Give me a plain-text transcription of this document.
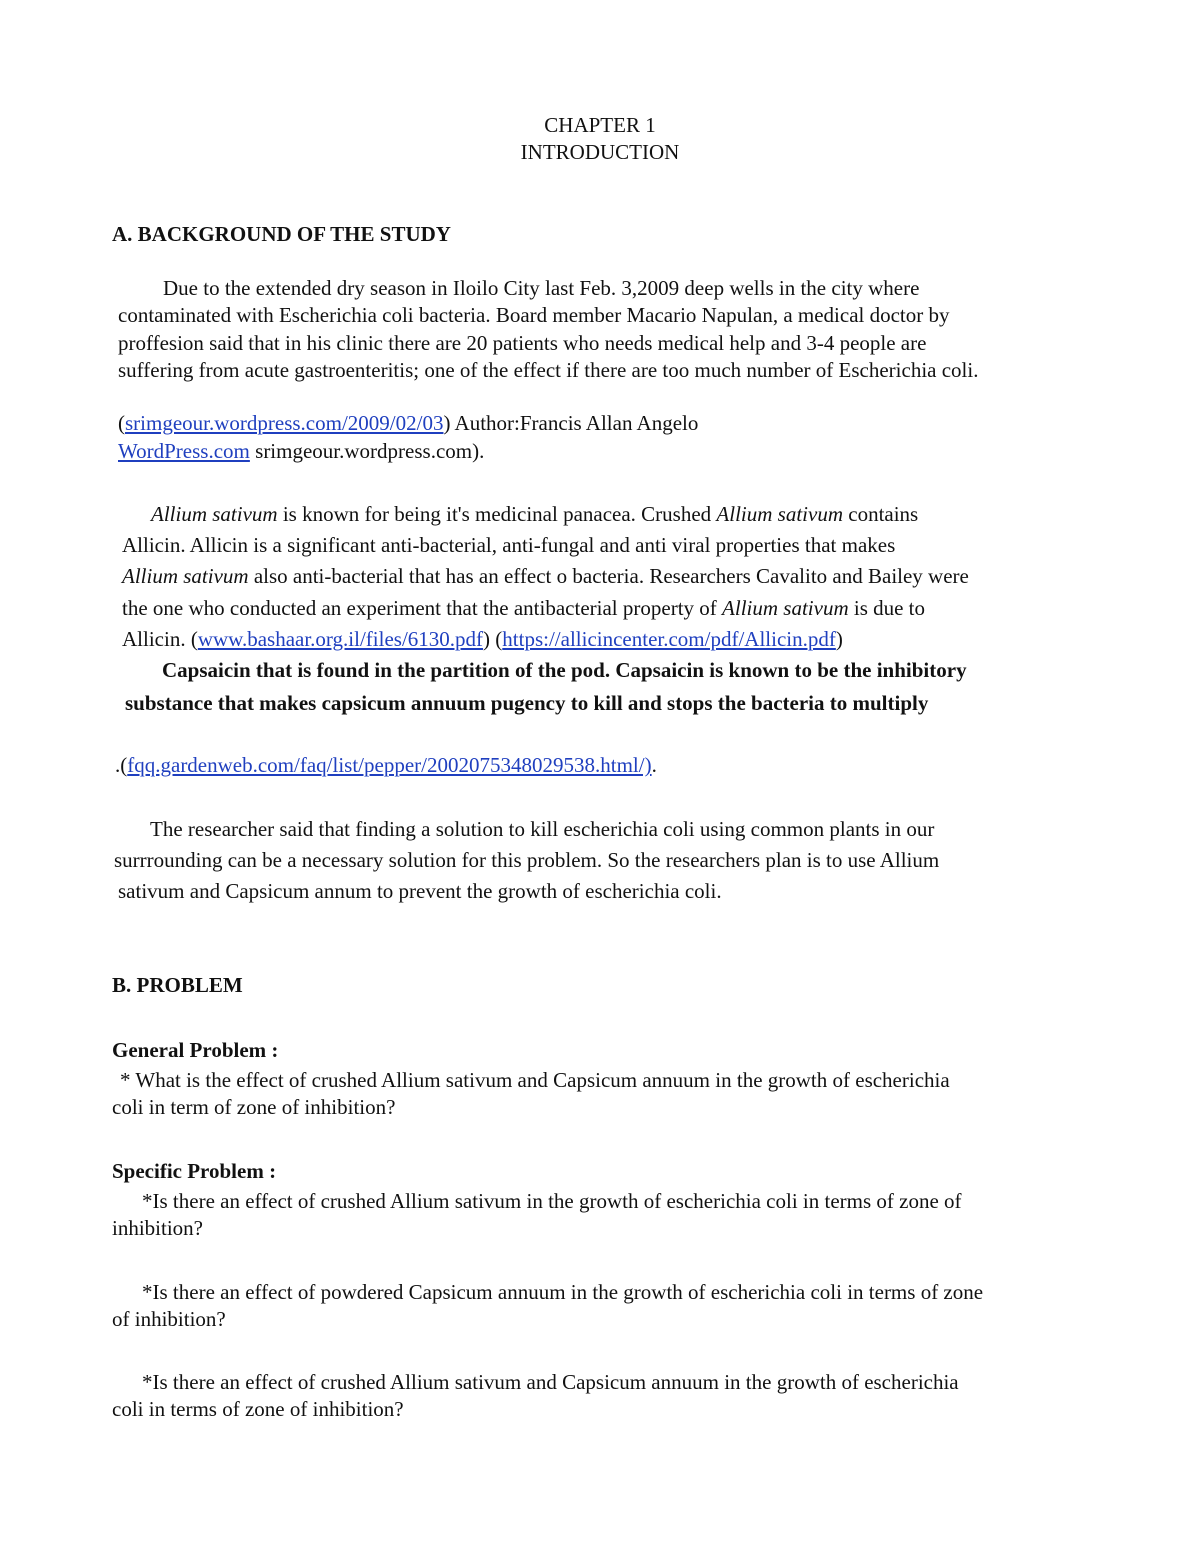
CHAPTER 1
INTRODUCTION
A. BACKGROUND OF THE STUDY
Due to the extended dry season in Iloilo City last Feb. 3,2009 deep wells in the city where
contaminated with Escherichia coli bacteria. Board member Macario Napulan, a medical doctor by
proffesion said that in his clinic there are 20 patients who needs medical help and 3-4 people are
suffering from acute gastroenteritis; one of the effect if there are too much number of Escherichia coli.
(srimgeour.wordpress.com/2009/02/03) Author:Francis Allan Angelo
WordPress.com srimgeour.wordpress.com).
Allium sativum is known for being it's medicinal panacea. Crushed Allium sativum contains
Allicin. Allicin is a significant anti-bacterial, anti-fungal and anti viral properties that makes
Allium sativum also anti-bacterial that has an effect o bacteria. Researchers Cavalito and Bailey were
the one who conducted an experiment that the antibacterial property of Allium sativum is due to
Allicin. (www.bashaar.org.il/files/6130.pdf) (https://allicincenter.com/pdf/Allicin.pdf)
Capsaicin that is found in the partition of the pod. Capsaicin is known to be the inhibitory
substance that makes capsicum annuum pugency to kill and stops the bacteria to multiply
.(fqq.gardenweb.com/faq/list/pepper/2002075348029538.html/).
The researcher said that finding a solution to kill escherichia coli using common plants in our
surrrounding can be a necessary solution for this problem. So the researchers plan is to use Allium
sativum and Capsicum annum to prevent the growth of escherichia coli.
B. PROBLEM
General Problem :
* What is the effect of crushed Allium sativum and Capsicum annuum in the growth of escherichia
coli in term of zone of inhibition?
Specific Problem :
*Is there an effect of crushed Allium sativum in the growth of escherichia coli in terms of zone of
inhibition?
*Is there an effect of powdered Capsicum annuum in the growth of escherichia coli in terms of zone
of inhibition?
*Is there an effect of crushed Allium sativum and Capsicum annuum in the growth of escherichia
coli in terms of zone of inhibition?
